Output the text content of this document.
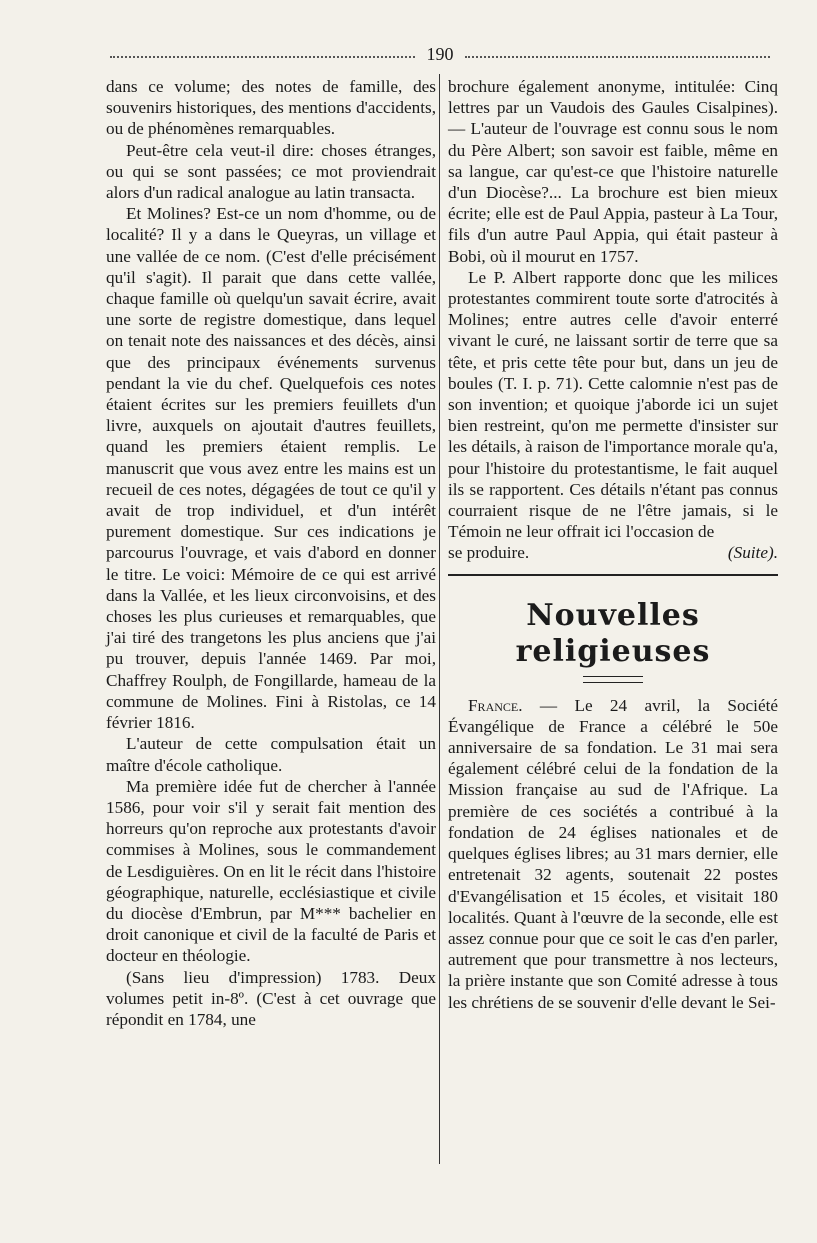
190

dans ce volume; des notes de famille, des souvenirs historiques, des mentions d'accidents, ou de phénomènes remarquables.

Peut-être cela veut-il dire: choses étranges, ou qui se sont passées; ce mot proviendrait alors d'un radical analogue au latin transacta.

Et Molines? Est-ce un nom d'homme, ou de localité? Il y a dans le Queyras, un village et une vallée de ce nom. (C'est d'elle précisément qu'il s'agit). Il parait que dans cette vallée, chaque famille où quelqu'un savait écrire, avait une sorte de registre domestique, dans lequel on tenait note des naissances et des décès, ainsi que des principaux événements survenus pendant la vie du chef. Quelquefois ces notes étaient écrites sur les premiers feuillets d'un livre, auxquels on ajoutait d'autres feuillets, quand les premiers étaient remplis. Le manuscrit que vous avez entre les mains est un recueil de ces notes, dégagées de tout ce qu'il y avait de trop individuel, et d'un intérêt purement domestique. Sur ces indications je parcourus l'ouvrage, et vais d'abord en donner le titre. Le voici: Mémoire de ce qui est arrivé dans la Vallée, et les lieux circonvoisins, et des choses les plus curieuses et remarquables, que j'ai tiré des trangetons les plus anciens que j'ai pu trouver, depuis l'année 1469. Par moi, Chaffrey Roulph, de Fongillarde, hameau de la commune de Molines. Fini à Ristolas, ce 14 février 1816.

L'auteur de cette compulsation était un maître d'école catholique.

Ma première idée fut de chercher à l'année 1586, pour voir s'il y serait fait mention des horreurs qu'on reproche aux protestants d'avoir commises à Molines, sous le commandement de Lesdiguières. On en lit le récit dans l'histoire géographique, naturelle, ecclésiastique et civile du diocèse d'Embrun, par M*** bachelier en droit canonique et civil de la faculté de Paris et docteur en théologie.

(Sans lieu d'impression) 1783. Deux volumes petit in-8º. (C'est à cet ouvrage que répondit en 1784, une

brochure également anonyme, intitulée: Cinq lettres par un Vaudois des Gaules Cisalpines). — L'auteur de l'ouvrage est connu sous le nom du Père Albert; son savoir est faible, même en sa langue, car qu'est-ce que l'histoire naturelle d'un Diocèse?... La brochure est bien mieux écrite; elle est de Paul Appia, pasteur à La Tour, fils d'un autre Paul Appia, qui était pasteur à Bobi, où il mourut en 1757.

Le P. Albert rapporte donc que les milices protestantes commirent toute sorte d'atrocités à Molines; entre autres celle d'avoir enterré vivant le curé, ne laissant sortir de terre que sa tête, et pris cette tête pour but, dans un jeu de boules (T. I. p. 71). Cette calomnie n'est pas de son invention; et quoique j'aborde ici un sujet bien restreint, qu'on me permette d'insister sur les détails, à raison de l'importance morale qu'a, pour l'histoire du protestantisme, le fait auquel ils se rapportent. Ces détails n'étant pas connus courraient risque de ne l'être jamais, si le Témoin ne leur offrait ici l'occasion de

se produire.	(Suite).
Nouvelles religieuses

France. — Le 24 avril, la Société Évangélique de France a célébré le 50e anniversaire de sa fondation. Le 31 mai sera également célébré celui de la fondation de la Mission française au sud de l'Afrique. La première de ces sociétés a contribué à la fondation de 24 églises nationales et de quelques églises libres; au 31 mars dernier, elle entretenait 32 agents, soutenait 22 postes d'Evangélisation et 15 écoles, et visitait 180 localités. Quant à l'œuvre de la seconde, elle est assez connue pour que ce soit le cas d'en parler, autrement que pour transmettre à nos lecteurs, la prière instante que son Comité adresse à tous les chrétiens de se souvenir d'elle devant le Sei-
